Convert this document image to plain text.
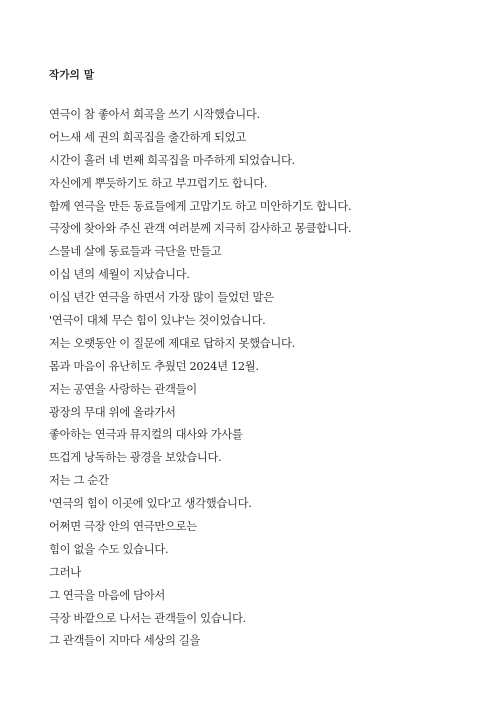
작가의 말
연극이 참 좋아서 희곡을 쓰기 시작했습니다.
어느새 세 권의 희곡집을 출간하게 되었고
시간이 흘러 네 번째 희곡집을 마주하게 되었습니다.
자신에게 뿌듯하기도 하고 부끄럽기도 합니다.
함께 연극을 만든 동료들에게 고맙기도 하고 미안하기도 합니다.
극장에 찾아와 주신 관객 여러분께 지극히 감사하고 몽클합니다.
스물네 살에 동료들과 극단을 만들고
이십 년의 세월이 지났습니다.
이십 년간 연극을 하면서 가장 많이 들었던 말은
'연극이 대체 무슨 힘이 있냐'는 것이었습니다.
저는 오랫동안 이 질문에 제대로 답하지 못했습니다.
몸과 마음이 유난히도 추웠던 2024년 12월.
저는 공연을 사랑하는 관객들이
광장의 무대 위에 올라가서
좋아하는 연극과 뮤지컬의 대사와 가사를
뜨겁게 낭독하는 광경을 보았습니다.
저는 그 순간
'연극의 힘이 이곳에 있다'고 생각했습니다.
어쩌면 극장 안의 연극만으로는
힘이 없을 수도 있습니다.
그러나
그 연극을 마음에 담아서
극장 바깥으로 나서는 관객들이 있습니다.
그 관객들이 지마다 세상의 길을
